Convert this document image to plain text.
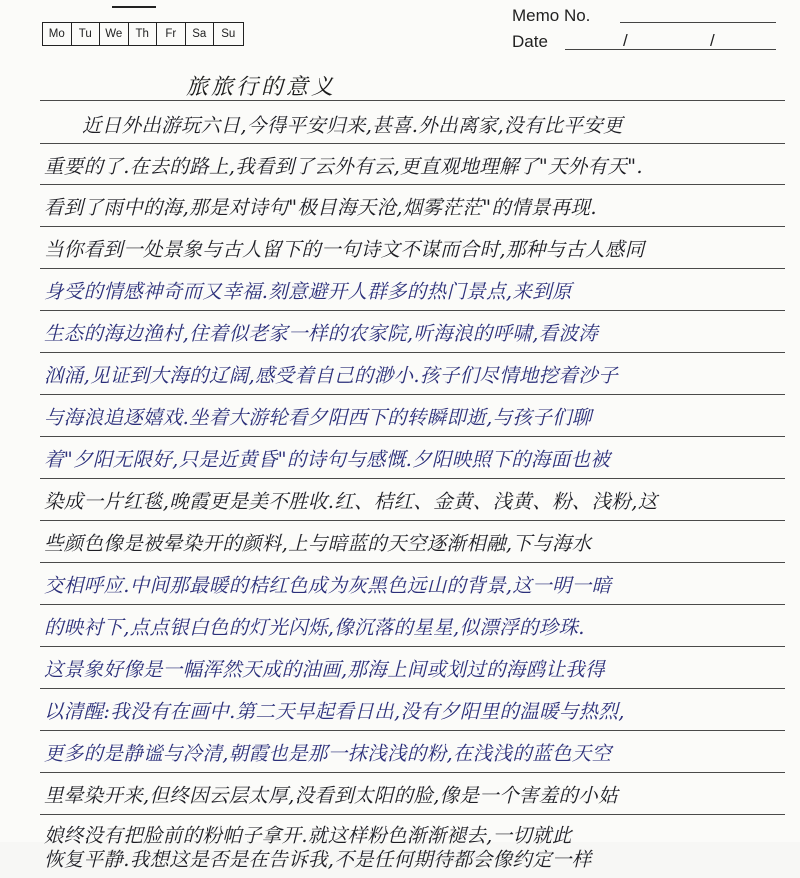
Mo	Tu	We	Th	Fr	Sa	Su
Memo No.
Date	/	/
旅旅行的意义
近日外出游玩六日,今得平安归来,甚喜.外出离家,没有比平安更
重要的了.在去的路上,我看到了云外有云,更直观地理解了"天外有天".
看到了雨中的海,那是对诗句"极目海天沧,烟雾茫茫"的情景再现.
当你看到一处景象与古人留下的一句诗文不谋而合时,那种与古人感同
身受的情感神奇而又幸福.刻意避开人群多的热门景点,来到原
生态的海边渔村,住着似老家一样的农家院,听海浪的呼啸,看波涛
汹涌,见证到大海的辽阔,感受着自己的渺小.孩子们尽情地挖着沙子
与海浪追逐嬉戏.坐着大游轮看夕阳西下的转瞬即逝,与孩子们聊
着"夕阳无限好,只是近黄昏"的诗句与感慨.夕阳映照下的海面也被
染成一片红毯,晚霞更是美不胜收.红、桔红、金黄、浅黄、粉、浅粉,这
些颜色像是被晕染开的颜料,上与暗蓝的天空逐渐相融,下与海水
交相呼应.中间那最暖的桔红色成为灰黑色远山的背景,这一明一暗
的映衬下,点点银白色的灯光闪烁,像沉落的星星,似漂浮的珍珠.
这景象好像是一幅浑然天成的油画,那海上间或划过的海鸥让我得
以清醒:我没有在画中.第二天早起看日出,没有夕阳里的温暖与热烈,
更多的是静谧与冷清,朝霞也是那一抹浅浅的粉,在浅浅的蓝色天空
里晕染开来,但终因云层太厚,没看到太阳的脸,像是一个害羞的小姑
娘终没有把脸前的粉帕子拿开.就这样粉色渐渐褪去,一切就此
恢复平静.我想这是否是在告诉我,不是任何期待都会像约定一样
